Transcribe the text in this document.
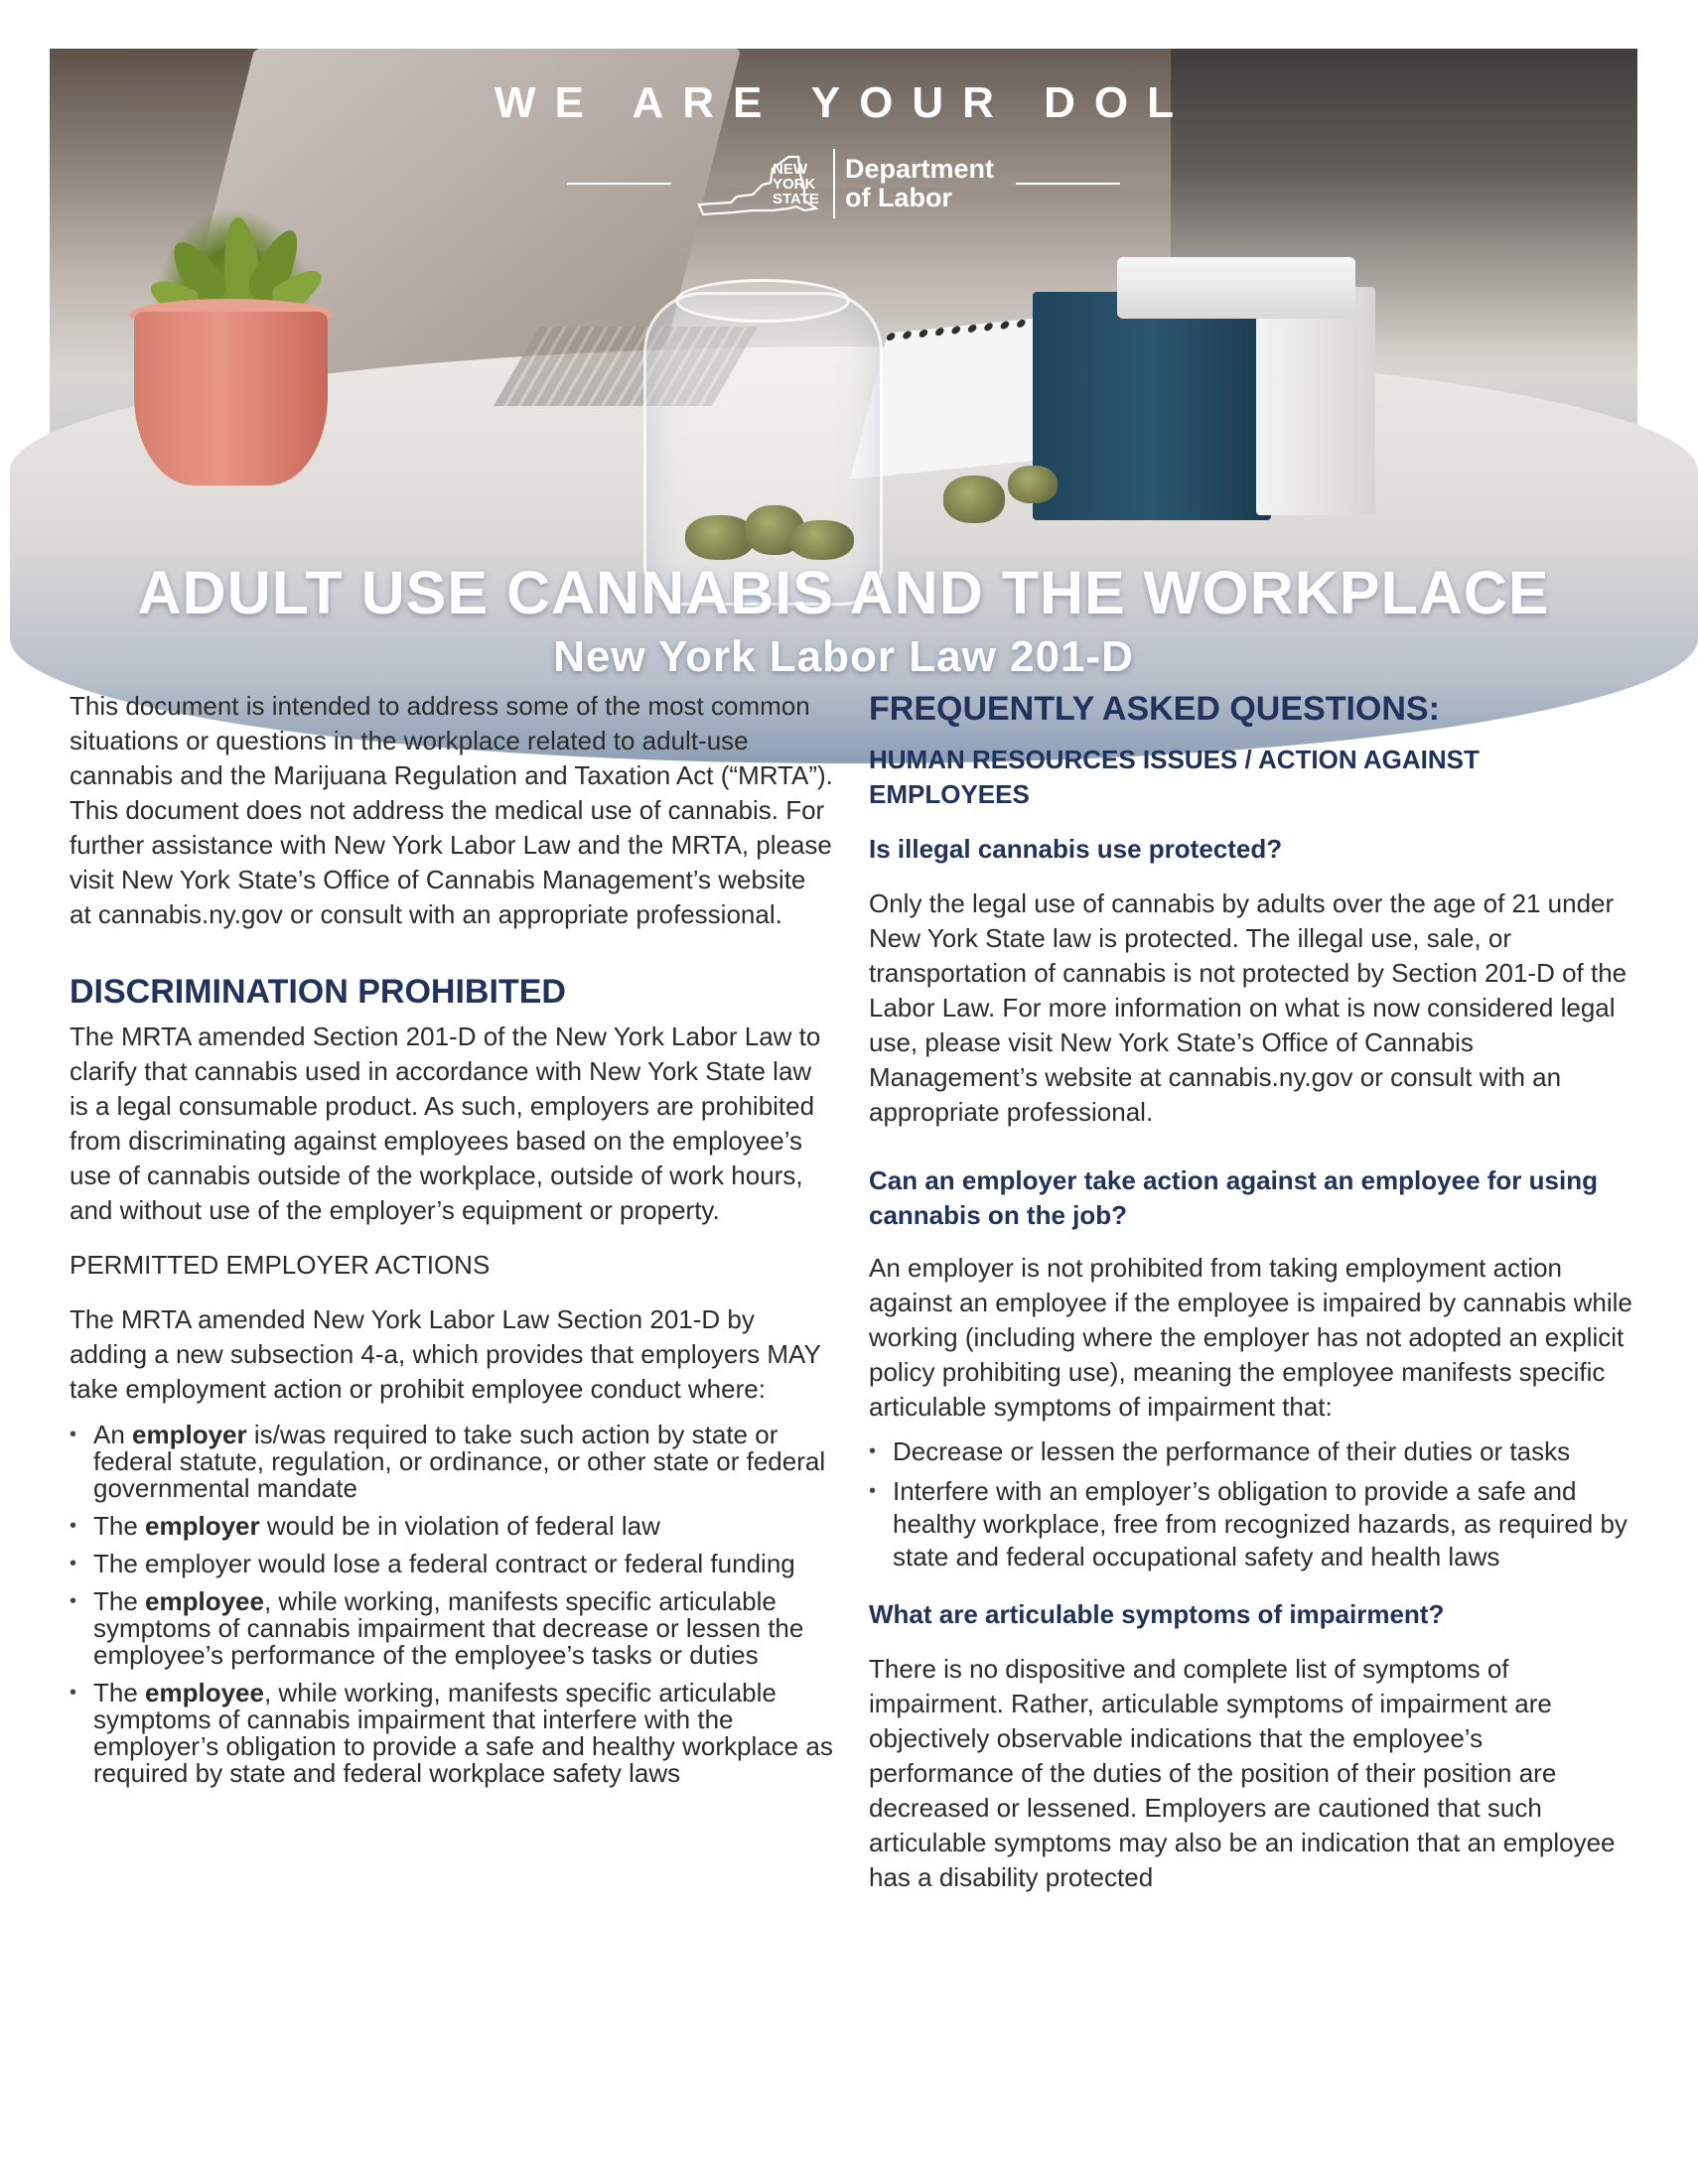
WE ARE YOUR DOL
NEW
YORK
STATE
Department
of Labor
ADULT USE CANNABIS AND THE WORKPLACE
New York Labor Law 201-D

This document is intended to address some of the most common situations or questions in the workplace related to adult-use cannabis and the Marijuana Regulation and Taxation Act (“MRTA”). This document does not address the medical use of cannabis. For further assistance with New York Labor Law and the MRTA, please visit New York State’s Office of Cannabis Management’s website at cannabis.ny.gov or consult with an appropriate professional.

DISCRIMINATION PROHIBITED

The MRTA amended Section 201-D of the New York Labor Law to clarify that cannabis used in accordance with New York State law is a legal consumable product. As such, employers are prohibited from discriminating against employees based on the employee’s use of cannabis outside of the workplace, outside of work hours, and without use of the employer’s equipment or property.

PERMITTED EMPLOYER ACTIONS

The MRTA amended New York Labor Law Section 201-D by adding a new subsection 4-a, which provides that employers MAY take employment action or prohibit employee conduct where:

• An employer is/was required to take such action by state or federal statute, regulation, or ordinance, or other state or federal governmental mandate
• The employer would be in violation of federal law
• The employer would lose a federal contract or federal funding
• The employee, while working, manifests specific articulable symptoms of cannabis impairment that decrease or lessen the employee’s performance of the employee’s tasks or duties
• The employee, while working, manifests specific articulable symptoms of cannabis impairment that interfere with the employer’s obligation to provide a safe and healthy workplace as required by state and federal workplace safety laws
FREQUENTLY ASKED QUESTIONS:
HUMAN RESOURCES ISSUES / ACTION AGAINST EMPLOYEES
Is illegal cannabis use protected?

Only the legal use of cannabis by adults over the age of 21 under New York State law is protected. The illegal use, sale, or transportation of cannabis is not protected by Section 201-D of the Labor Law. For more information on what is now considered legal use, please visit New York State’s Office of Cannabis Management’s website at cannabis.ny.gov or consult with an appropriate professional.

Can an employer take action against an employee for using cannabis on the job?

An employer is not prohibited from taking employment action against an employee if the employee is impaired by cannabis while working (including where the employer has not adopted an explicit policy prohibiting use), meaning the employee manifests specific articulable symptoms of impairment that:

• Decrease or lessen the performance of their duties or tasks
• Interfere with an employer’s obligation to provide a safe and healthy workplace, free from recognized hazards, as required by state and federal occupational safety and health laws
What are articulable symptoms of impairment?

There is no dispositive and complete list of symptoms of impairment. Rather, articulable symptoms of impairment are objectively observable indications that the employee’s performance of the duties of the position of their position are decreased or lessened. Employers are cautioned that such articulable symptoms may also be an indication that an employee has a disability protected
